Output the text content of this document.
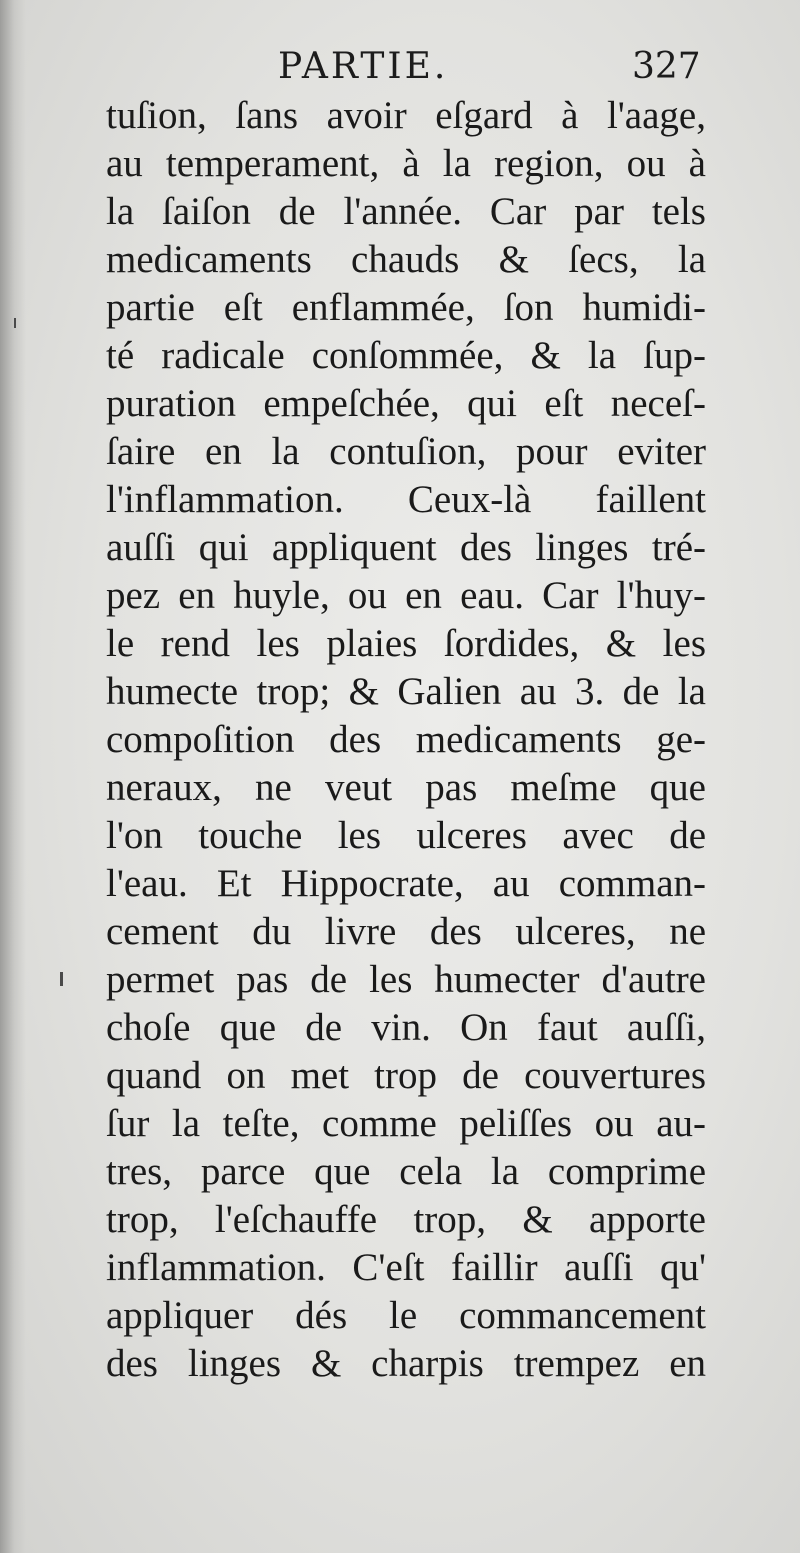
PARTIE.	327
tuſion, ſans avoir eſgard à l'aage,
au temperament, à la region, ou à
la ſaiſon de l'année. Car par tels
medicaments chauds & ſecs, la
partie eſt enflammée, ſon humidi-
té radicale conſommée, & la ſup-
puration empeſchée, qui eſt neceſ-
ſaire en la contuſion, pour eviter
l'inflammation. Ceux-là faillent
auſſi qui appliquent des linges tré-
pez en huyle, ou en eau. Car l'huy-
le rend les plaies ſordides, & les
humecte trop; & Galien au 3. de la
compoſition des medicaments ge-
neraux, ne veut pas meſme que
l'on touche les ulceres avec de
l'eau. Et Hippocrate, au comman-
cement du livre des ulceres, ne
permet pas de les humecter d'autre
choſe que de vin. On faut auſſi,
quand on met trop de couvertures
ſur la teſte, comme peliſſes ou au-
tres, parce que cela la comprime
trop, l'eſchauffe trop, & apporte
inflammation. C'eſt faillir auſſi qu'
appliquer dés le commancement
des linges & charpis trempez en
